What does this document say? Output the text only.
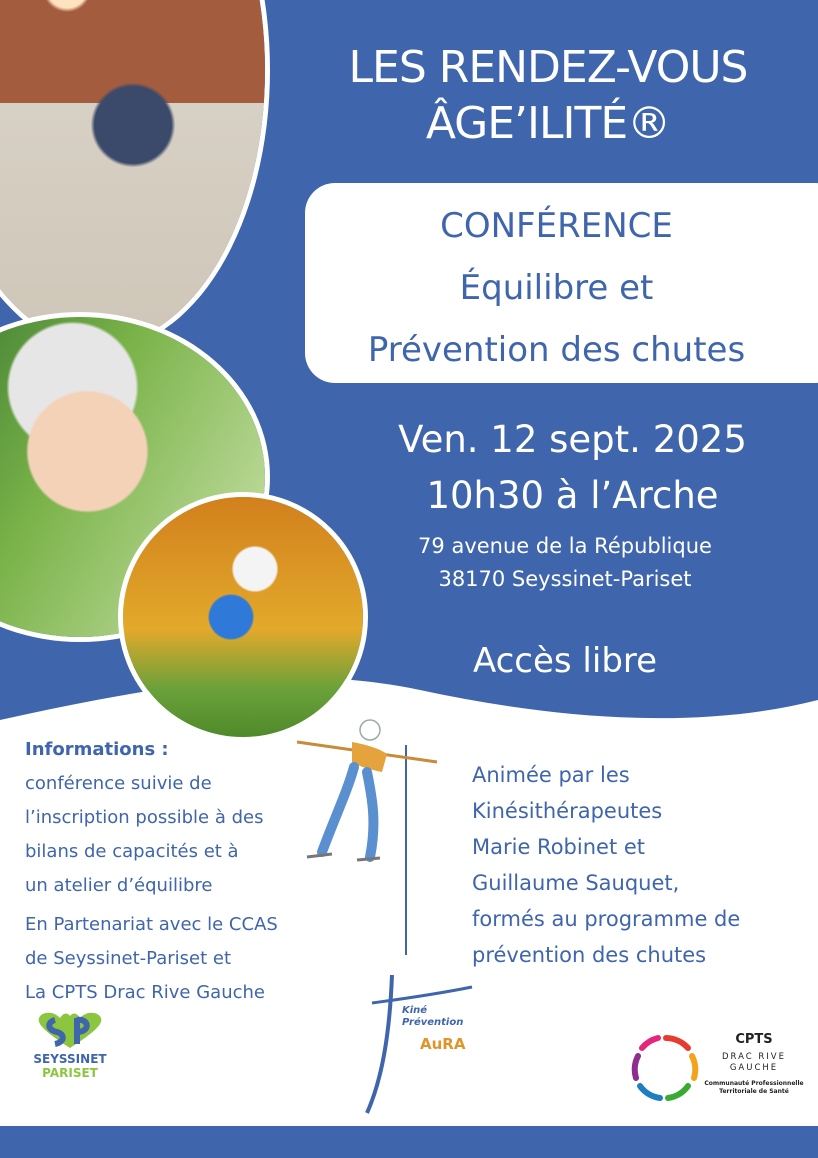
LES RENDEZ-VOUS
ÂGE’ILITÉ®
CONFÉRENCE
Équilibre et
Prévention des chutes
Ven. 12 sept. 2025
10h30 à l’Arche
79 avenue de la République
38170 Seyssinet-Pariset
Accès libre
Informations :
conférence suivie de
l’inscription possible à des
bilans de capacités et à
un atelier d’équilibre
En Partenariat avec le CCAS
de Seyssinet-Pariset et
La CPTS Drac Rive Gauche
Animée par les
Kinésithérapeutes
Marie Robinet et
Guillaume Sauquet,
formés au programme de
prévention des chutes
SEYSSINET
PARISET
Kiné
Prévention
AuRA	CPTS
DRAC RIVE
GAUCHE
Communauté Professionnelle
Territoriale de Santé
